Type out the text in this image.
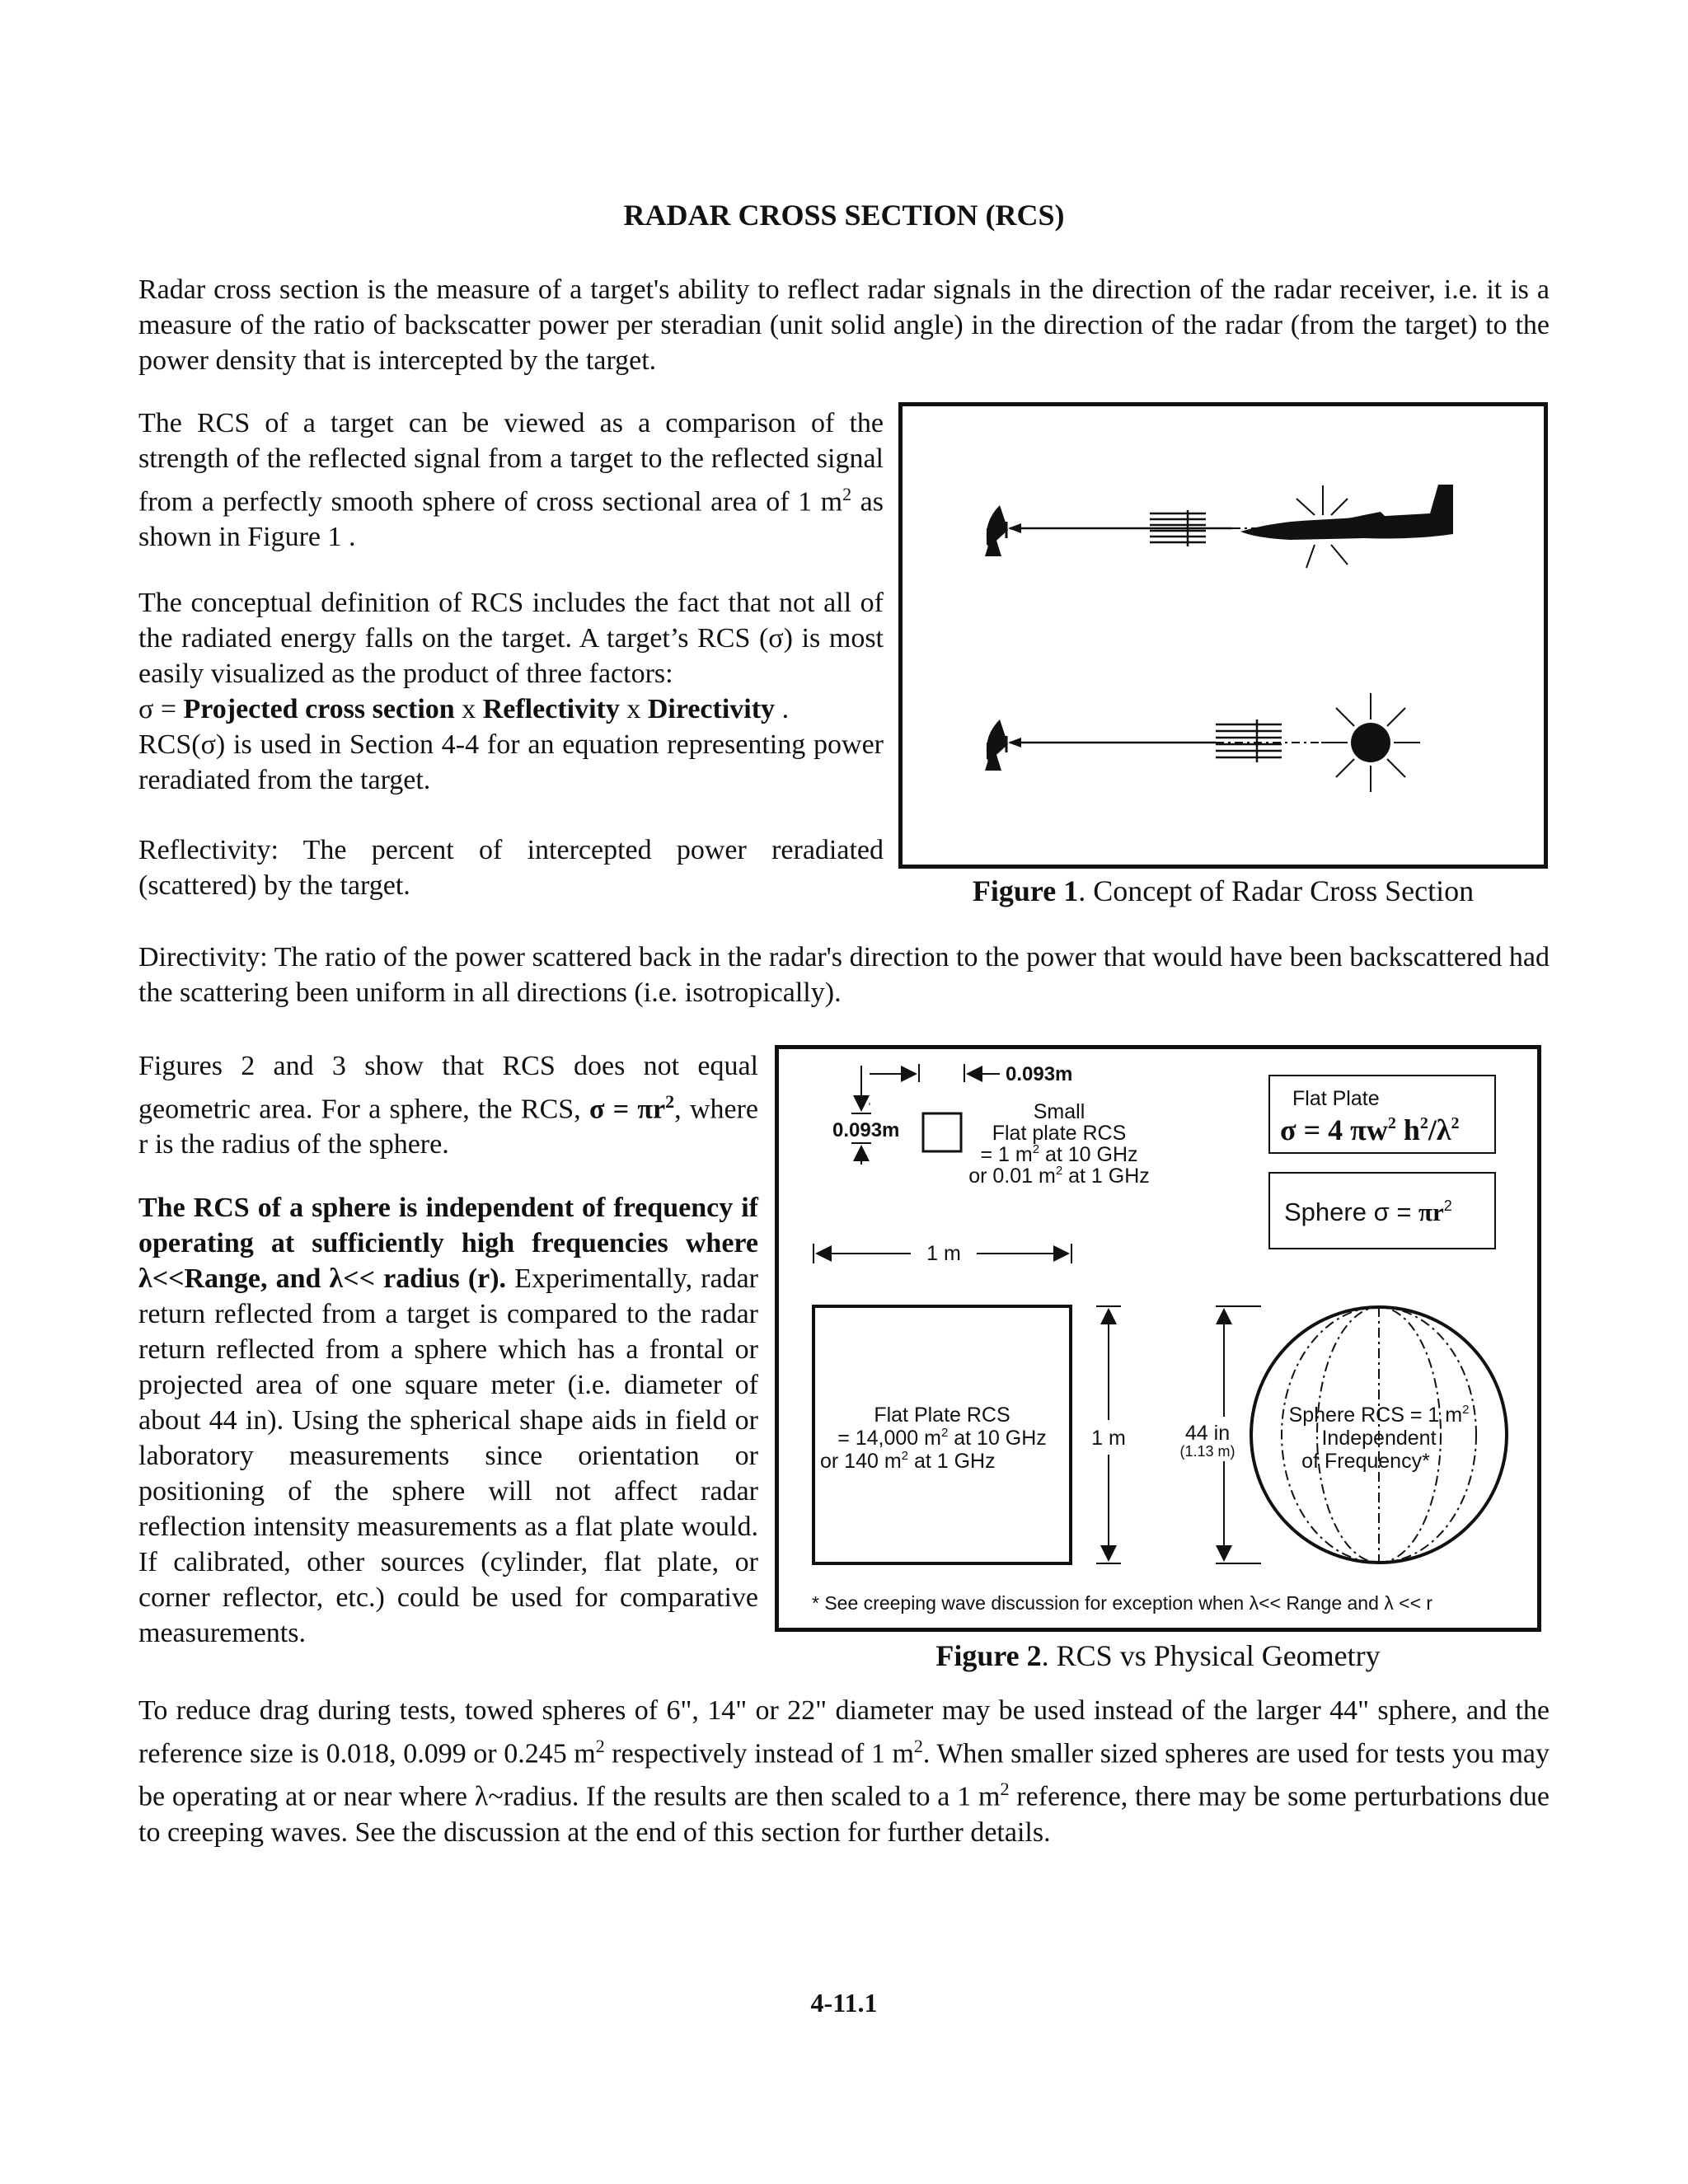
RADAR CROSS SECTION (RCS)

Radar cross section is the measure of a target's ability to reflect radar signals in the direction of the radar receiver, i.e. it is a measure of the ratio of backscatter power per steradian (unit solid angle) in the direction of the radar (from the target) to the power density that is intercepted by the target.

The RCS of a target can be viewed as a comparison of the strength of the reflected signal from a target to the reflected signal from a perfectly smooth sphere of cross sectional area of 1 $m^2$ as shown in Figure 1 .

The conceptual definition of RCS includes the fact that not all of the radiated energy falls on the target. A target’s RCS (σ) is most easily visualized as the product of three factors:
σ = Projected cross section x Reflectivity x Directivity .
RCS(σ) is used in Section 4-4 for an equation representing power reradiated from the target.

Reflectivity: The percent of intercepted power reradiated (scattered) by the target.	Figure 1. Concept of Radar Cross Section

Directivity: The ratio of the power scattered back in the radar's direction to the power that would have been backscattered had the scattering been uniform in all directions (i.e. isotropically).

Figures 2 and 3 show that RCS does not equal geometric area. For a sphere, the RCS, $\sigma = \pi r^2$, where r is the radius of the sphere.

The RCS of a sphere is independent of frequency if operating at sufficiently high frequencies where λ<<Range, and λ<< radius (r). Experimentally, radar return reflected from a target is compared to the radar return reflected from a sphere which has a frontal or projected area of one square meter (i.e. diameter of about 44 in). Using the spherical shape aids in field or laboratory measurements since orientation or positioning of the sphere will not affect radar reflection intensity measurements as a flat plate would. If calibrated, other sources (cylinder, flat plate, or corner reflector, etc.) could be used for comparative measurements.

0.093m
0.093m
Small
Flat plate RCS
= 1 $m^2$ at 10 GHz
or 0.01 $m^2$ at 1 GHz
Flat Plate
σ = 4 $\pi w^2$ $h^2/\lambda^2$
Sphere $\sigma = \pi r^2$
1 m
Flat Plate RCS
= 14,000 $m^2$ at 10 GHz
or 140 $m^2$ at 1 GHz
1 m	44 in
(1.13 m)
Sphere RCS = 1 $m^2$
Independent
of Frequency*
* See creeping wave discussion for exception when λ<< Range and λ << r
Figure 2. RCS vs Physical Geometry

To reduce drag during tests, towed spheres of 6", 14" or 22" diameter may be used instead of the larger 44" sphere, and the reference size is 0.018, 0.099 or 0.245 $m^2$ respectively instead of 1 $m^2$. When smaller sized spheres are used for tests you may be operating at or near where λ~radius. If the results are then scaled to a 1 $m^2$ reference, there may be some perturbations due to creeping waves. See the discussion at the end of this section for further details.

4-11.1
